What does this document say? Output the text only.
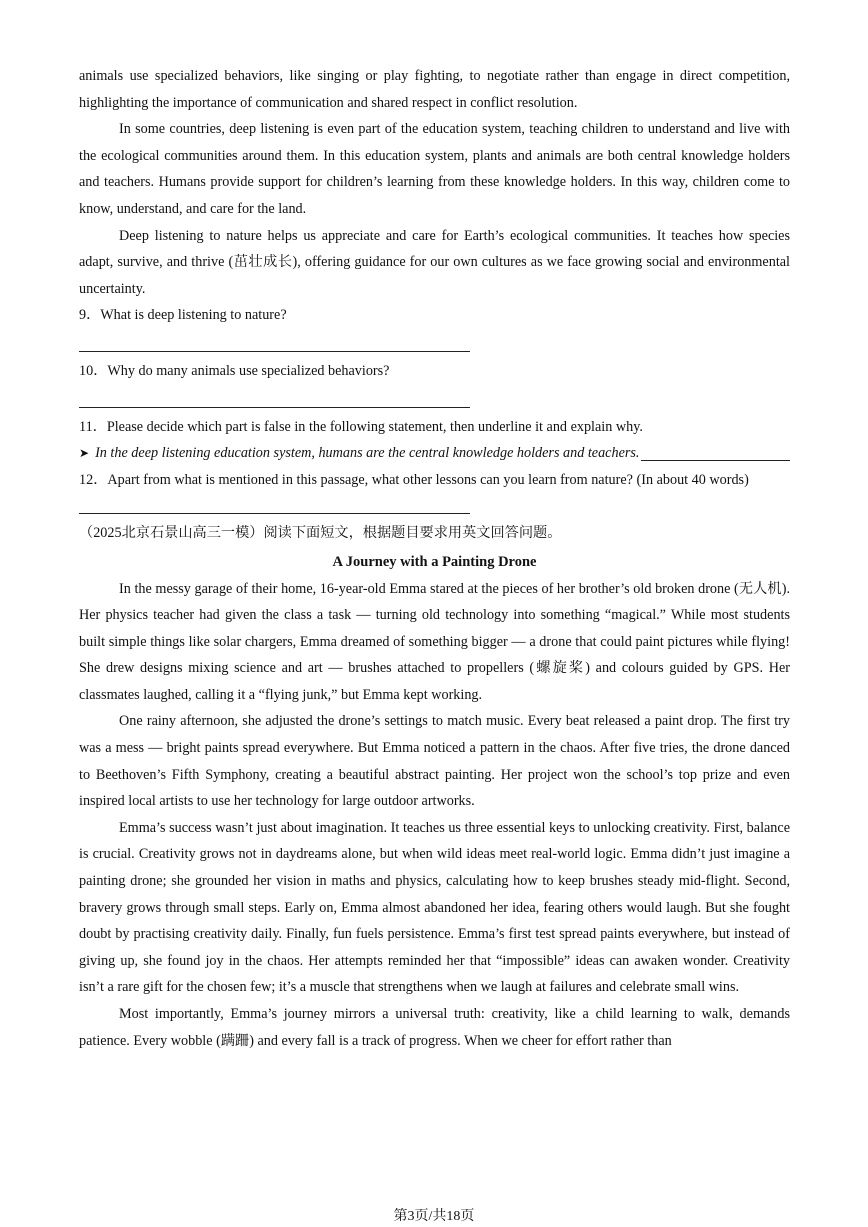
animals use specialized behaviors, like singing or play fighting, to negotiate rather than engage in direct competition, highlighting the importance of communication and shared respect in conflict resolution.

In some countries, deep listening is even part of the education system, teaching children to understand and live with the ecological communities around them. In this education system, plants and animals are both central knowledge holders and teachers. Humans provide support for children’s learning from these knowledge holders. In this way, children come to know, understand, and care for the land.

Deep listening to nature helps us appreciate and care for Earth’s ecological communities. It teaches how species adapt, survive, and thrive (茁壮成长), offering guidance for our own cultures as we face growing social and environmental uncertainty.

9．What is deep listening to nature?
10．Why do many animals use specialized behaviors?
11．Please decide which part is false in the following statement, then underline it and explain why.
➤ In the deep listening education system, humans are the central knowledge holders and teachers.
12．Apart from what is mentioned in this passage, what other lessons can you learn from nature? (In about 40 words)
（2025北京石景山高三一模）阅读下面短文，根据题目要求用英文回答问题。
A Journey with a Painting Drone

In the messy garage of their home, 16-year-old Emma stared at the pieces of her brother’s old broken drone (无人机). Her physics teacher had given the class a task — turning old technology into something “magical.” While most students built simple things like solar chargers, Emma dreamed of something bigger — a drone that could paint pictures while flying! She drew designs mixing science and art — brushes attached to propellers (螺旋桨) and colours guided by GPS. Her classmates laughed, calling it a “flying junk,” but Emma kept working.

One rainy afternoon, she adjusted the drone’s settings to match music. Every beat released a paint drop. The first try was a mess — bright paints spread everywhere. But Emma noticed a pattern in the chaos. After five tries, the drone danced to Beethoven’s Fifth Symphony, creating a beautiful abstract painting. Her project won the school’s top prize and even inspired local artists to use her technology for large outdoor artworks.

Emma’s success wasn’t just about imagination. It teaches us three essential keys to unlocking creativity. First, balance is crucial. Creativity grows not in daydreams alone, but when wild ideas meet real-world logic. Emma didn’t just imagine a painting drone; she grounded her vision in maths and physics, calculating how to keep brushes steady mid-flight. Second, bravery grows through small steps. Early on, Emma almost abandoned her idea, fearing others would laugh. But she fought doubt by practising creativity daily. Finally, fun fuels persistence. Emma’s first test spread paints everywhere, but instead of giving up, she found joy in the chaos. Her attempts reminded her that “impossible” ideas can awaken wonder. Creativity isn’t a rare gift for the chosen few; it’s a muscle that strengthens when we laugh at failures and celebrate small wins.

Most importantly, Emma’s journey mirrors a universal truth: creativity, like a child learning to walk, demands patience. Every wobble (蹒跚) and every fall is a track of progress. When we cheer for effort rather than

第3页/共18页
